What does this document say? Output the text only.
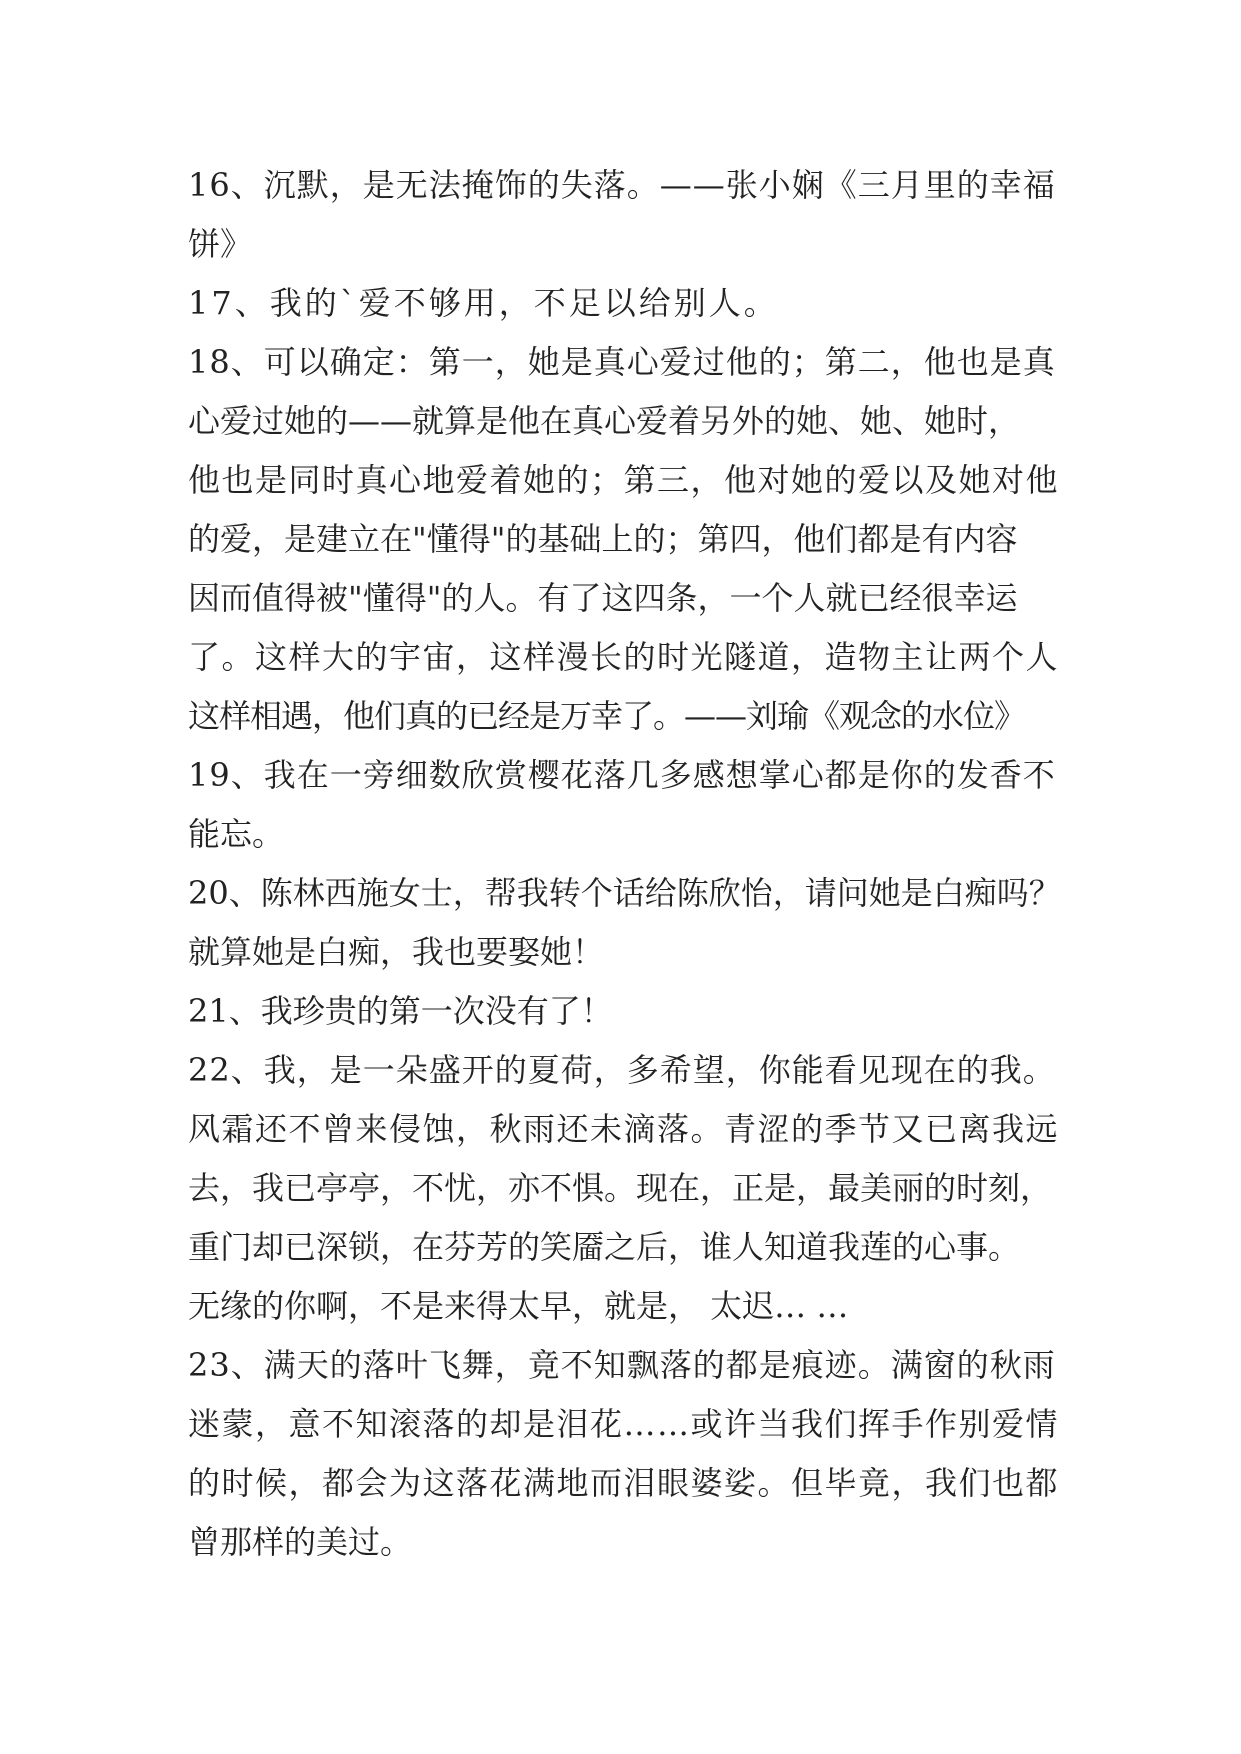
16、沉默，是无法掩饰的失落。——张小娴《三月里的幸福
饼》
17、我的`爱不够用，不足以给别人。
18、可以确定：第一，她是真心爱过他的；第二，他也是真
心爱过她的——就算是他在真心爱着另外的她、她、她时，
他也是同时真心地爱着她的；第三，他对她的爱以及她对他
的爱，是建立在"懂得"的基础上的；第四，他们都是有内容
因而值得被"懂得"的人。有了这四条，一个人就已经很幸运
了。这样大的宇宙，这样漫长的时光隧道，造物主让两个人
这样相遇，他们真的已经是万幸了。——刘瑜《观念的水位》
19、我在一旁细数欣赏樱花落几多感想掌心都是你的发香不
能忘。
20、陈林西施女士，帮我转个话给陈欣怡，请问她是白痴吗？
就算她是白痴，我也要娶她！
21、我珍贵的第一次没有了！
22、我，是一朵盛开的夏荷，多希望，你能看见现在的我。
风霜还不曾来侵蚀，秋雨还未滴落。青涩的季节又已离我远
去，我已亭亭，不忧，亦不惧。现在，正是，最美丽的时刻，
重门却已深锁，在芬芳的笑靥之后，谁人知道我莲的心事。
无缘的你啊，不是来得太早，就是， 太迟… …
23、满天的落叶飞舞，竟不知飘落的都是痕迹。满窗的秋雨
迷蒙，意不知滚落的却是泪花……或许当我们挥手作别爱情
的时候，都会为这落花满地而泪眼婆娑。但毕竟，我们也都
曾那样的美过。
